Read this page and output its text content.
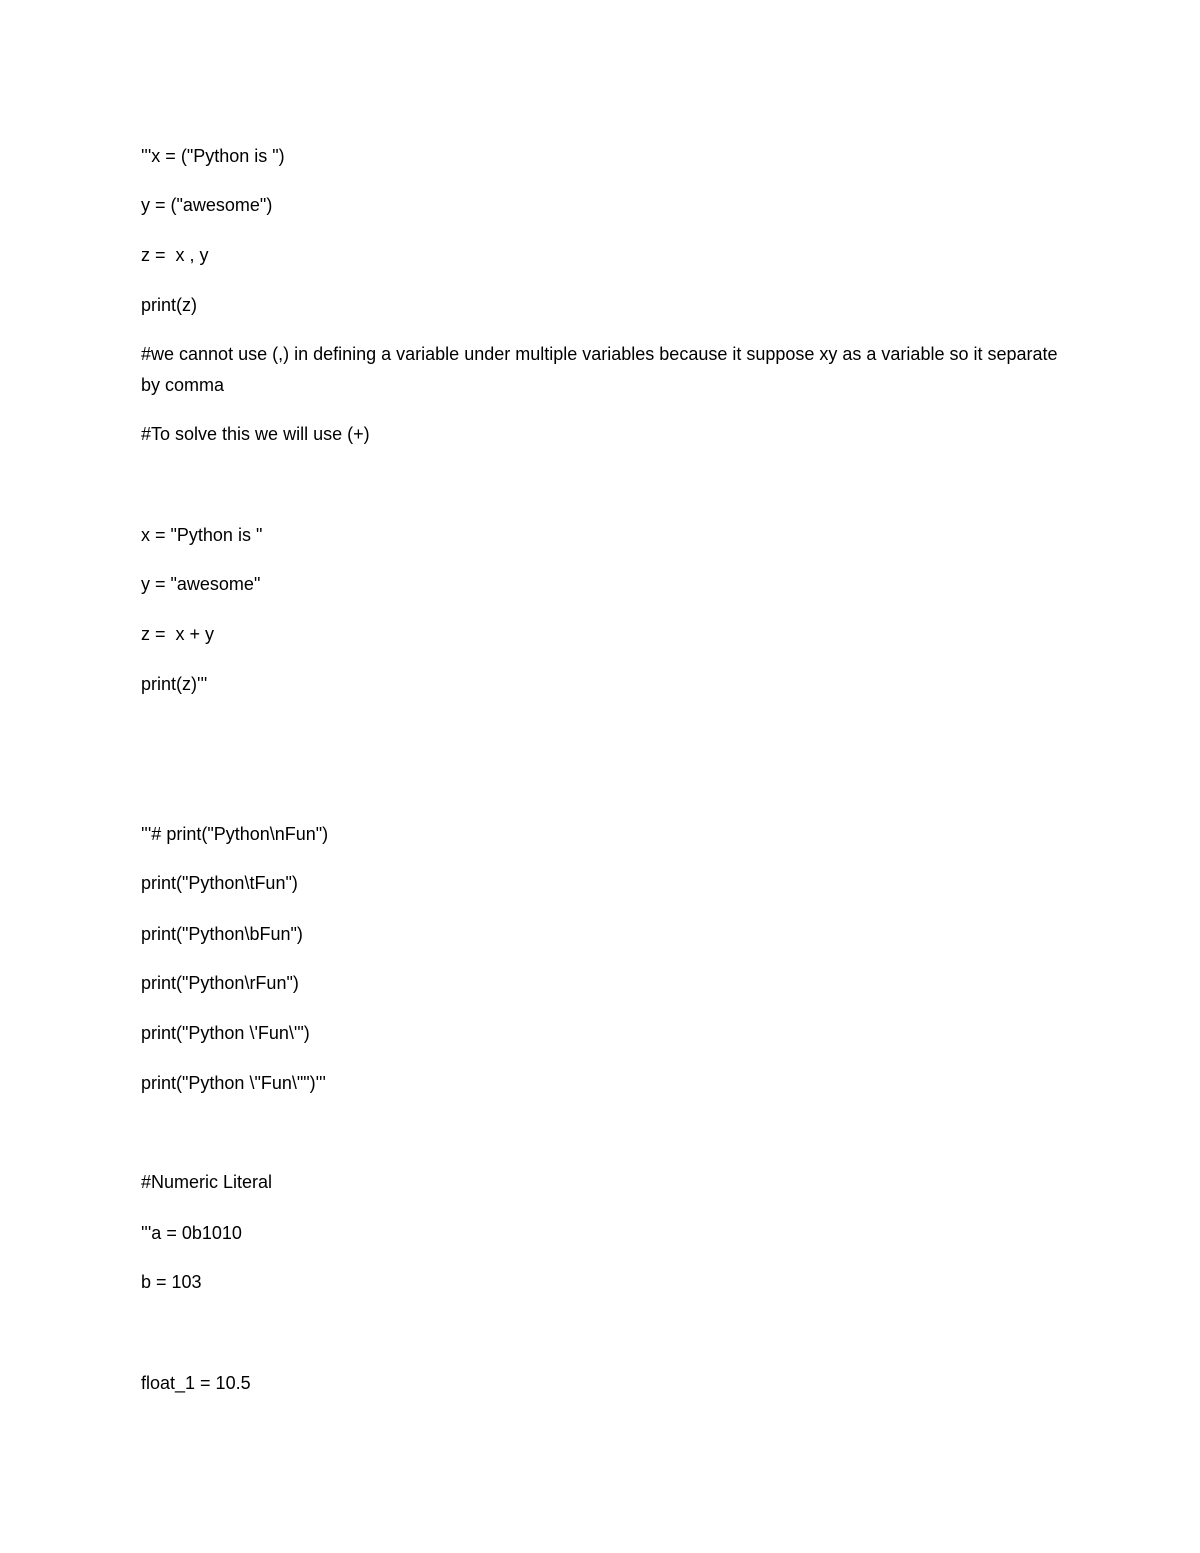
'''x = ("Python is ")

y = ("awesome")

z =  x , y

print(z)

#we cannot use (,) in defining a variable under multiple variables because it suppose xy as a variable so it separate by comma

#To solve this we will use (+)

x = "Python is "

y = "awesome"

z =  x + y

print(z)'''

'''# print("Python\nFun")

print("Python\tFun")

print("Python\bFun")

print("Python\rFun")

print("Python \'Fun\'")

print("Python \"Fun\"")'''

#Numeric Literal

'''a = 0b1010

b = 103

float_1 = 10.5
